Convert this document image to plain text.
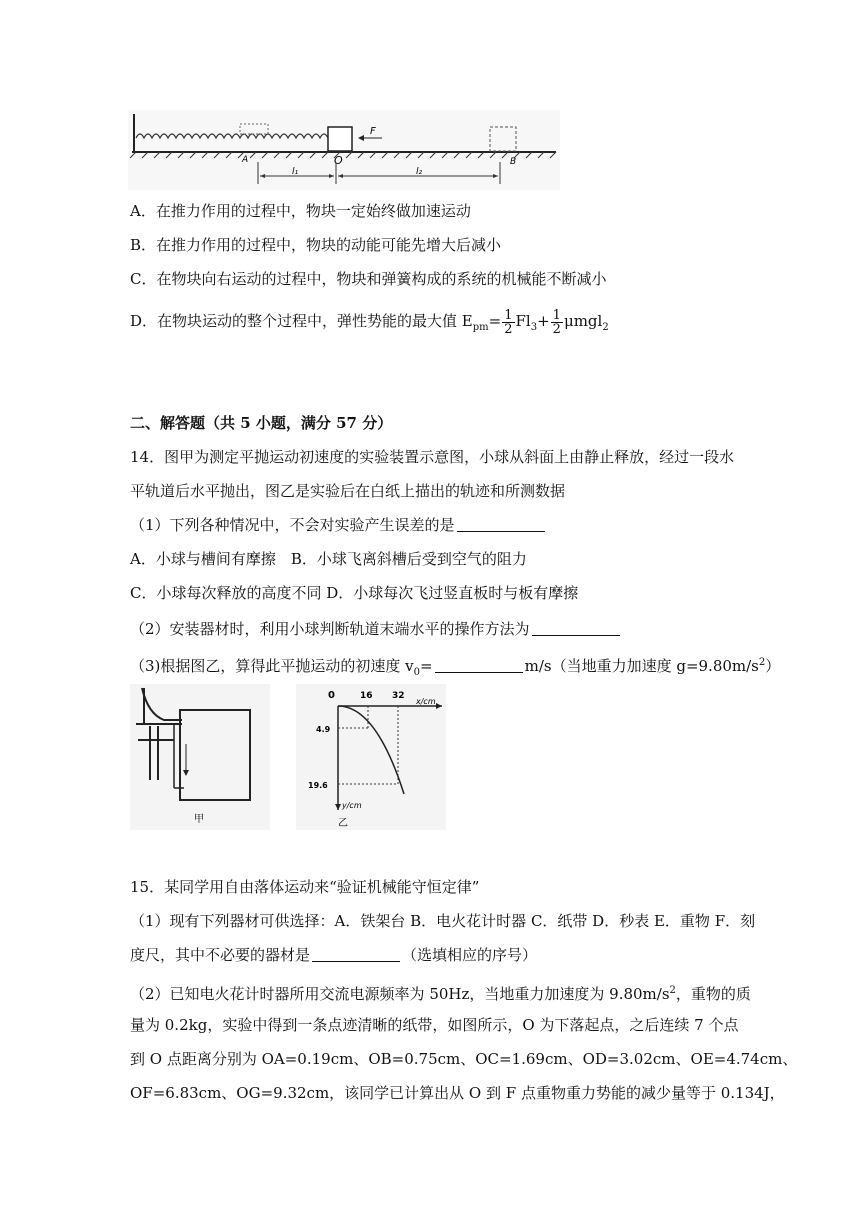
F
A	O	B
l₁	l₂
A．在推力作用的过程中，物块一定始终做加速运动
B．在推力作用的过程中，物块的动能可能先增大后减小
C．在物块向右运动的过程中，物块和弹簧构成的系统的机械能不断减小
D．在物块运动的整个过程中，弹性势能的最大值 $E_{pm}= \frac{1}{2} Fl_3+ \frac{1}{2} \mu mgl_2$
二、解答题（共 5 小题，满分 57 分）
14．图甲为测定平抛运动初速度的实验装置示意图，小球从斜面上由静止释放，经过一段水
平轨道后水平抛出，图乙是实验后在白纸上描出的轨迹和所测数据
（1）下列各种情况中，不会对实验产生误差的是
A．小球与槽间有摩擦　B．小球飞离斜槽后受到空气的阻力
C．小球每次释放的高度不同 D．小球每次飞过竖直板时与板有摩擦
（2）安装器材时，利用小球判断轨道末端水平的操作方法为
（3)根据图乙，算得此平抛运动的初速度 $v_0=$	m/s（当地重力加速度 $g=9.80m/s^2$）
甲
0	16 32
x/cm
4.9
19.6
y/cm
乙
15．某同学用自由落体运动来“验证机械能守恒定律”
（1）现有下列器材可供选择：A．铁架台 B．电火花计时器 C．纸带 D．秒表 E．重物 F．刻
度尺，其中不必要的器材是	（选填相应的序号）
（2）已知电火花计时器所用交流电源频率为 50Hz，当地重力加速度为 $9.80m/s^2$，重物的质
量为 0.2kg，实验中得到一条点迹清晰的纸带，如图所示，O 为下落起点，之后连续 7 个点
到 O 点距离分别为 OA=0.19cm、OB=0.75cm、OC=1.69cm、OD=3.02cm、OE=4.74cm、
OF=6.83cm、OG=9.32cm，该同学已计算出从 O 到 F 点重物重力势能的减少量等于 0.134J，
